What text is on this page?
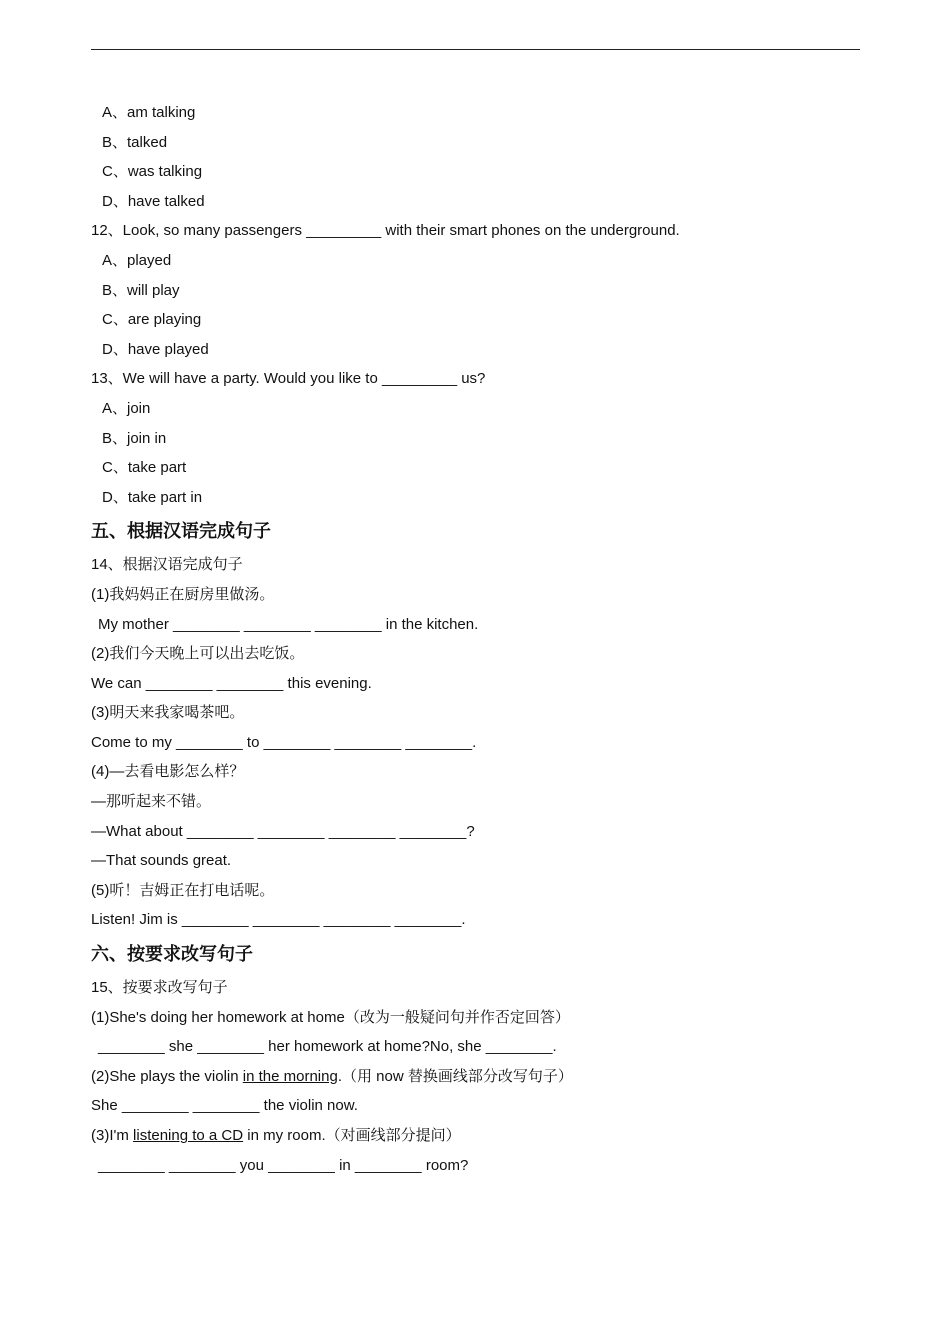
A、am talking
B、talked
C、was talking
D、have talked
12、Look, so many passengers _________ with their smart phones on the underground.
A、played
B、will play
C、are playing
D、have played
13、We will have a party. Would you like to _________ us?
A、join
B、join in
C、take part
D、take part in
五、根据汉语完成句子
14、根据汉语完成句子
(1)我妈妈正在厨房里做汤。
My mother ________ ________ ________ in the kitchen.
(2)我们今天晚上可以出去吃饭。
We can ________ ________ this evening.
(3)明天来我家喝茶吧。
Come to my ________ to ________ ________ ________.
(4)—去看电影怎么样？
—那听起来不错。
—What about ________ ________ ________ ________?
—That sounds great.
(5)听！吉姆正在打电话呢。
Listen! Jim is ________ ________ ________ ________.
六、按要求改写句子
15、按要求改写句子
(1)She's doing her homework at home（改为一般疑问句并作否定回答）
________ she ________ her homework at home?No, she ________.
(2)She plays the violin in the morning.（用 now 替换画线部分改写句子）
She ________ ________ the violin now.
(3)I'm listening to a CD in my room.（对画线部分提问）
________ ________ you ________ in ________ room?
